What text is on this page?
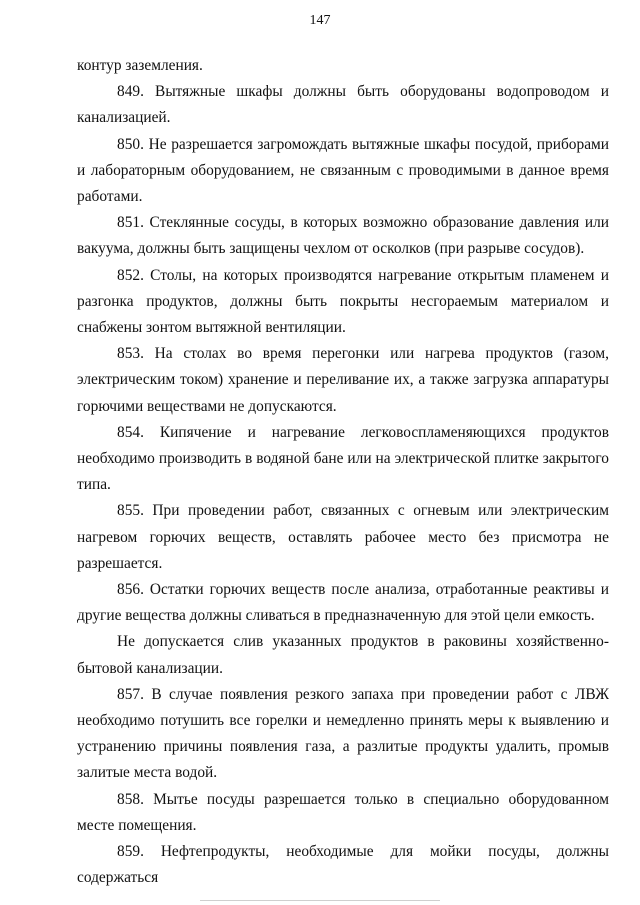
147

контур заземления.

849. Вытяжные шкафы должны быть оборудованы водопроводом и канализацией.

850. Не разрешается загромождать вытяжные шкафы посудой, приборами и лабораторным оборудованием, не связанным с проводимыми в данное время работами.

851. Стеклянные сосуды, в которых возможно образование давления или вакуума, должны быть защищены чехлом от осколков (при разрыве сосудов).

852. Столы, на которых производятся нагревание открытым пламенем и разгонка продуктов, должны быть покрыты несгораемым материалом и снабжены зонтом вытяжной вентиляции.

853. На столах во время перегонки или нагрева продуктов (газом, электрическим током) хранение и переливание их, а также загрузка аппаратуры горючими веществами не допускаются.

854. Кипячение и нагревание легковоспламеняющихся продуктов необходимо производить в водяной бане или на электрической плитке закрытого типа.

855. При проведении работ, связанных с огневым или электрическим нагревом горючих веществ, оставлять рабочее место без присмотра не разрешается.

856. Остатки горючих веществ после анализа, отработанные реактивы и другие вещества должны сливаться в предназначенную для этой цели емкость.

Не допускается слив указанных продуктов в раковины хозяйственно-бытовой канализации.

857. В случае появления резкого запаха при проведении работ с ЛВЖ необходимо потушить все горелки и немедленно принять меры к выявлению и устранению причины появления газа, а разлитые продукты удалить, промыв залитые места водой.

858. Мытье посуды разрешается только в специально оборудованном месте помещения.

859. Нефтепродукты, необходимые для мойки посуды, должны содержаться
